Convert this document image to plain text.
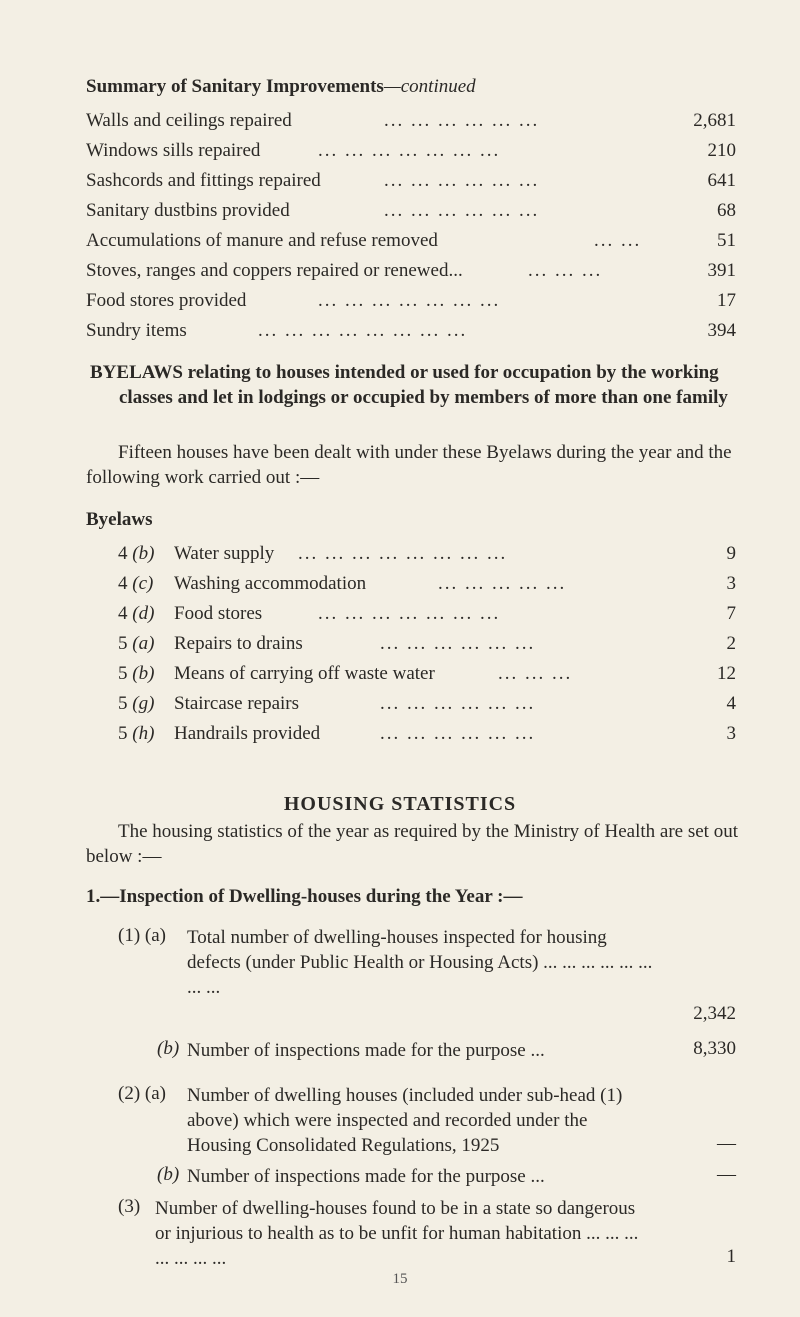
Summary of Sanitary Improvements—continued
Walls and ceilings repaired	... ... ... ... ... ...	2,681
Windows sills repaired	... ... ... ... ... ... ...	210
Sashcords and fittings repaired	... ... ... ... ... ...	641
Sanitary dustbins provided	... ... ... ... ... ...	68
Accumulations of manure and refuse removed	... ...	51
Stoves, ranges and coppers repaired or renewed...	... ... ...	391
Food stores provided	... ... ... ... ... ... ...	17
Sundry items	... ... ... ... ... ... ... ...	394
BYELAWS relating to houses intended or used for occupation by the working classes and let in lodgings or occupied by members of more than one family
Fifteen houses have been dealt with under these Byelaws during the year and the following work carried out :—
Byelaws
4 (b) Water supply ... ... ... ... ... ... ... ...	9
4 (c) Washing accommodation	... ... ... ... ...	3
4 (d) Food stores	... ... ... ... ... ... ...	7
5 (a) Repairs to drains	... ... ... ... ... ...	2
5 (b) Means of carrying off waste water	... ... ...	12
5 (g) Staircase repairs	... ... ... ... ... ...	4
5 (h) Handrails provided	... ... ... ... ... ...	3
HOUSING STATISTICS
The housing statistics of the year as required by the Ministry of Health are set out below :—
1.—Inspection of Dwelling-houses during the Year :—
(1) (a) Total number of dwelling-houses inspected for housing defects (under Public Health or Housing Acts) ... ... ... ... ... ... ... ...
2,342
(b) Number of inspections made for the purpose ...	8,330
(2) (a) Number of dwelling houses (included under sub-head (1) above) which were inspected and recorded under the Housing Consolidated Regulations, 1925	—
(b) Number of inspections made for the purpose ...	—
(3) Number of dwelling-houses found to be in a state so dangerous or injurious to health as to be unfit for human habitation ... ... ... ... ... ... ...	1
15
